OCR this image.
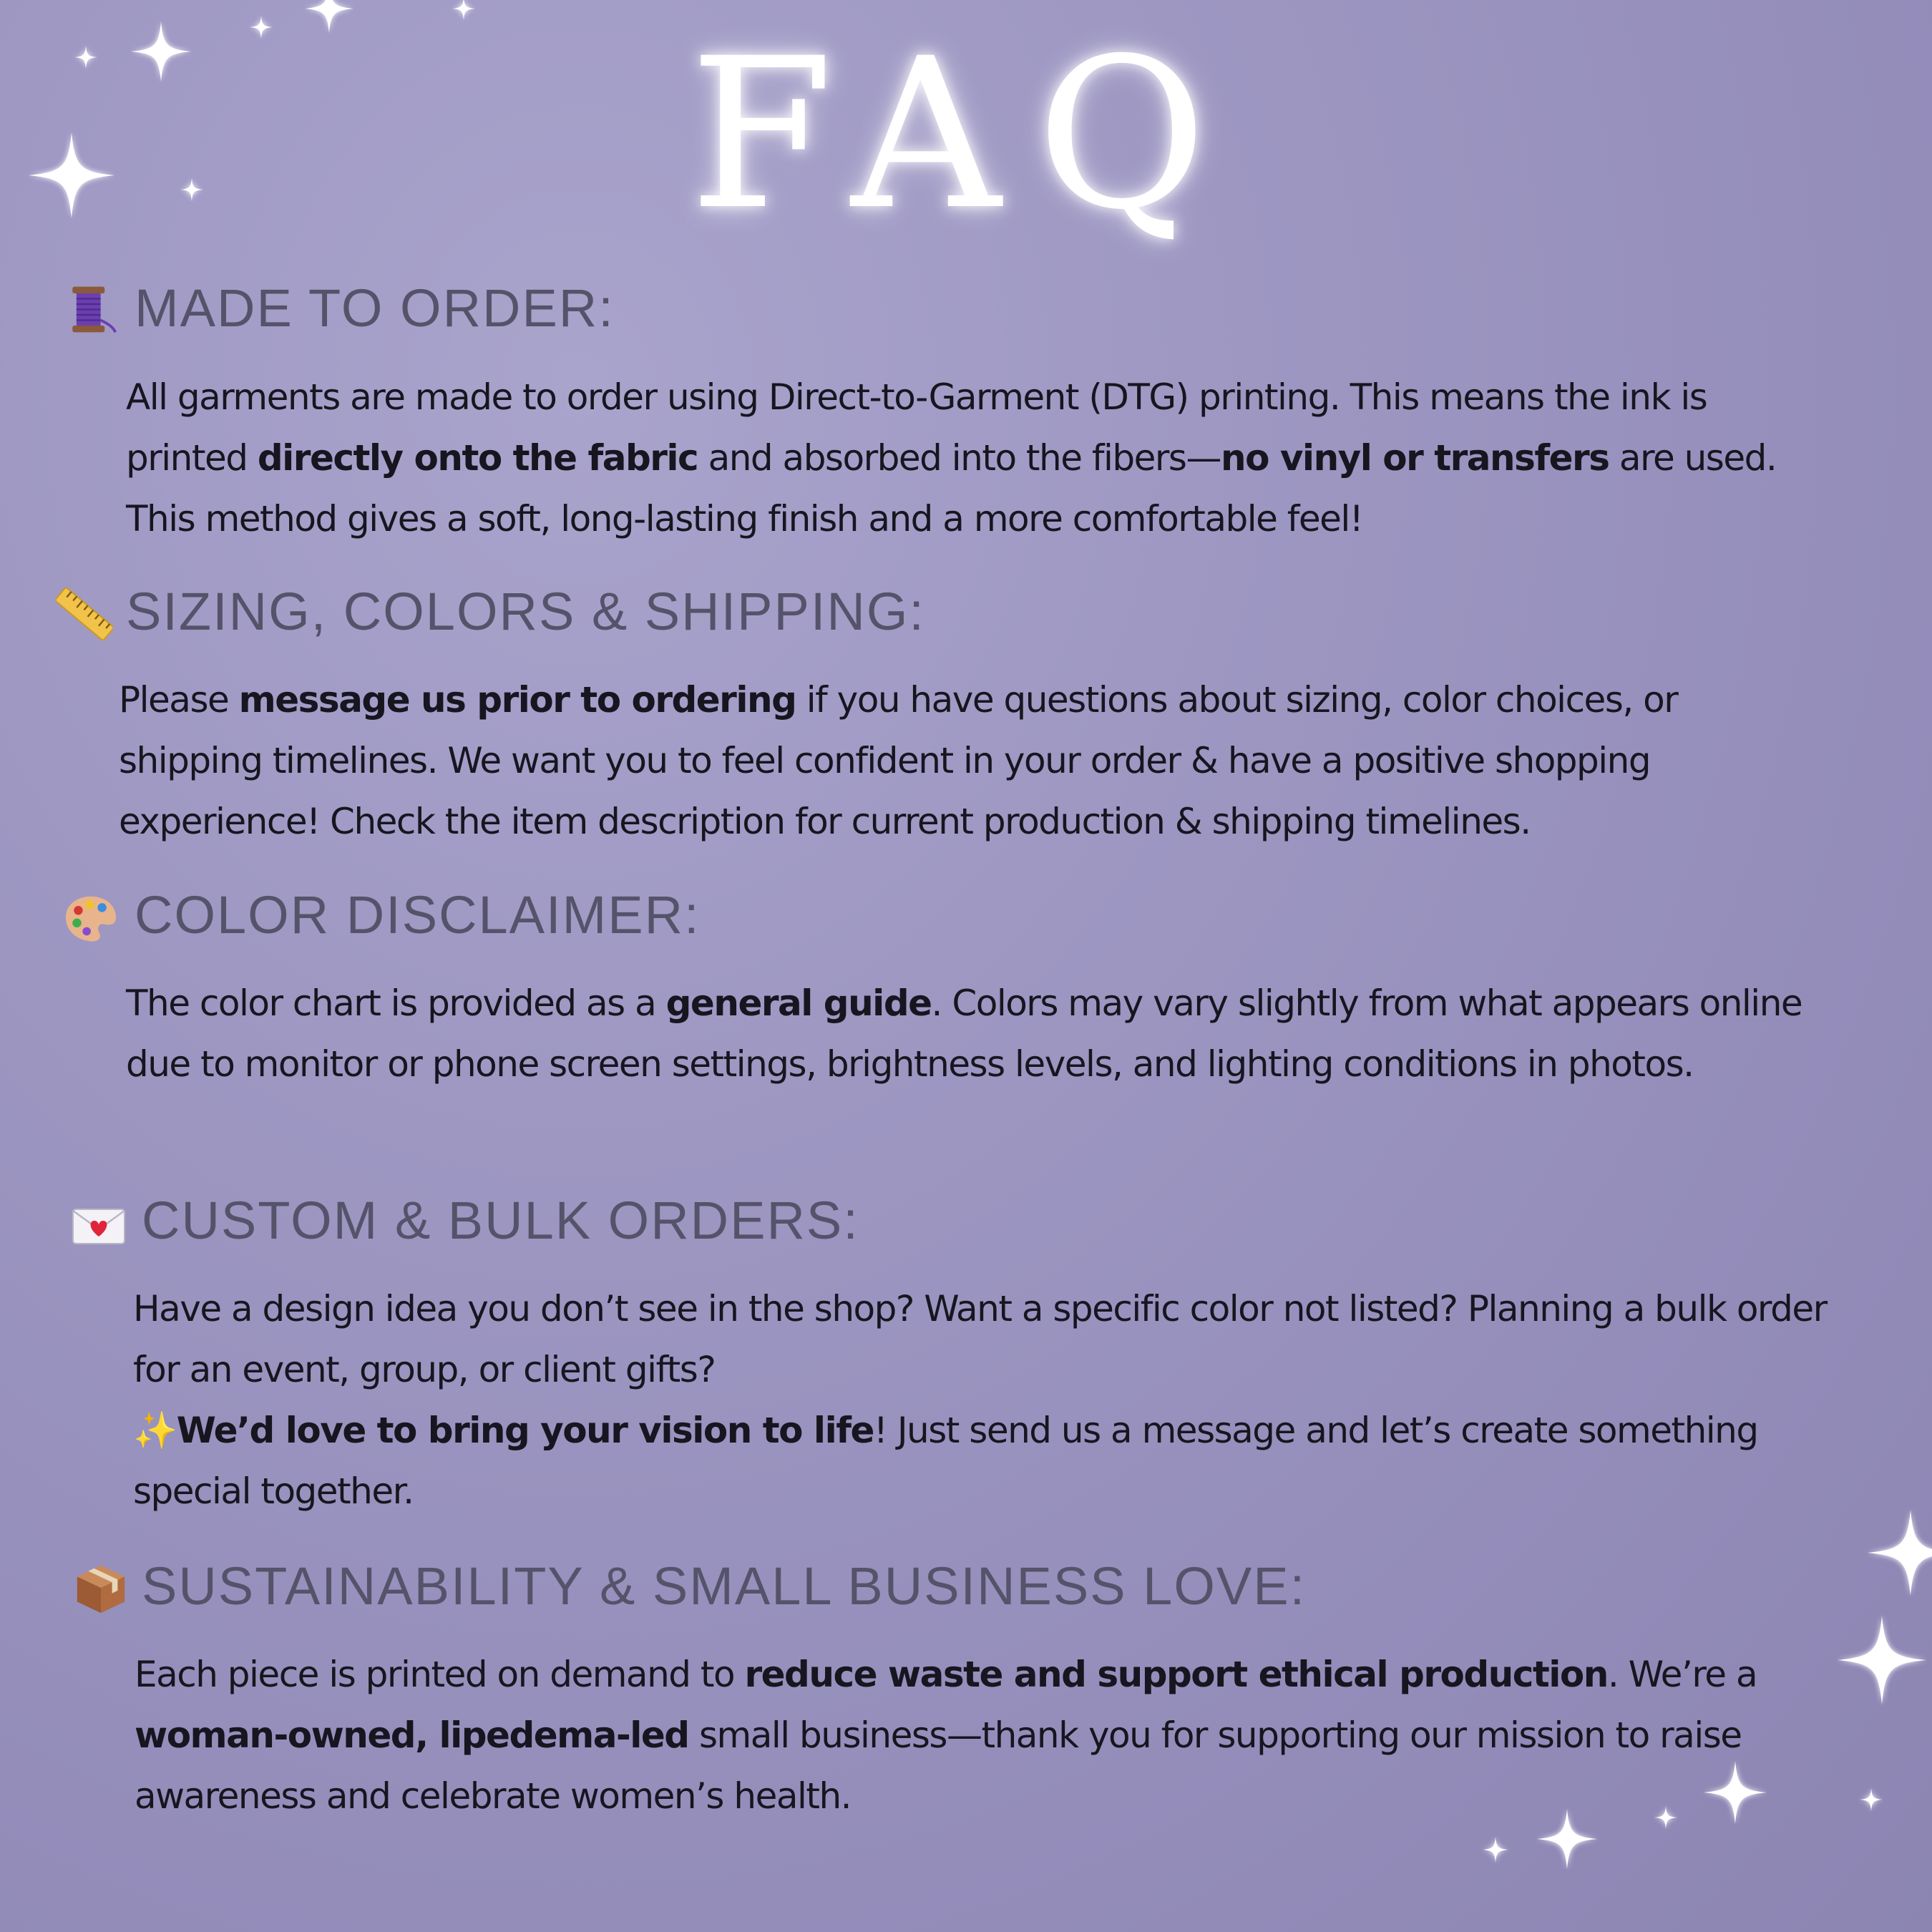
FAQ
MADE TO ORDER:
All garments are made to order using Direct-to-Garment (DTG) printing. This means the ink is printed directly onto the fabric and absorbed into the fibers—no vinyl or transfers are used. This method gives a soft, long-lasting finish and a more comfortable feel!
SIZING, COLORS & SHIPPING:
Please message us prior to ordering if you have questions about sizing, color choices, or shipping timelines. We want you to feel confident in your order & have a positive shopping experience! Check the item description for current production & shipping timelines.
COLOR DISCLAIMER:
The color chart is provided as a general guide. Colors may vary slightly from what appears online due to monitor or phone screen settings, brightness levels, and lighting conditions in photos.
CUSTOM & BULK ORDERS:
Have a design idea you don’t see in the shop? Want a specific color not listed? Planning a bulk order for an event, group, or client gifts?
✨We’d love to bring your vision to life! Just send us a message and let’s create something special together.
SUSTAINABILITY & SMALL BUSINESS LOVE:
Each piece is printed on demand to reduce waste and support ethical production. We’re a woman-owned, lipedema-led small business—thank you for supporting our mission to raise awareness and celebrate women’s health.
